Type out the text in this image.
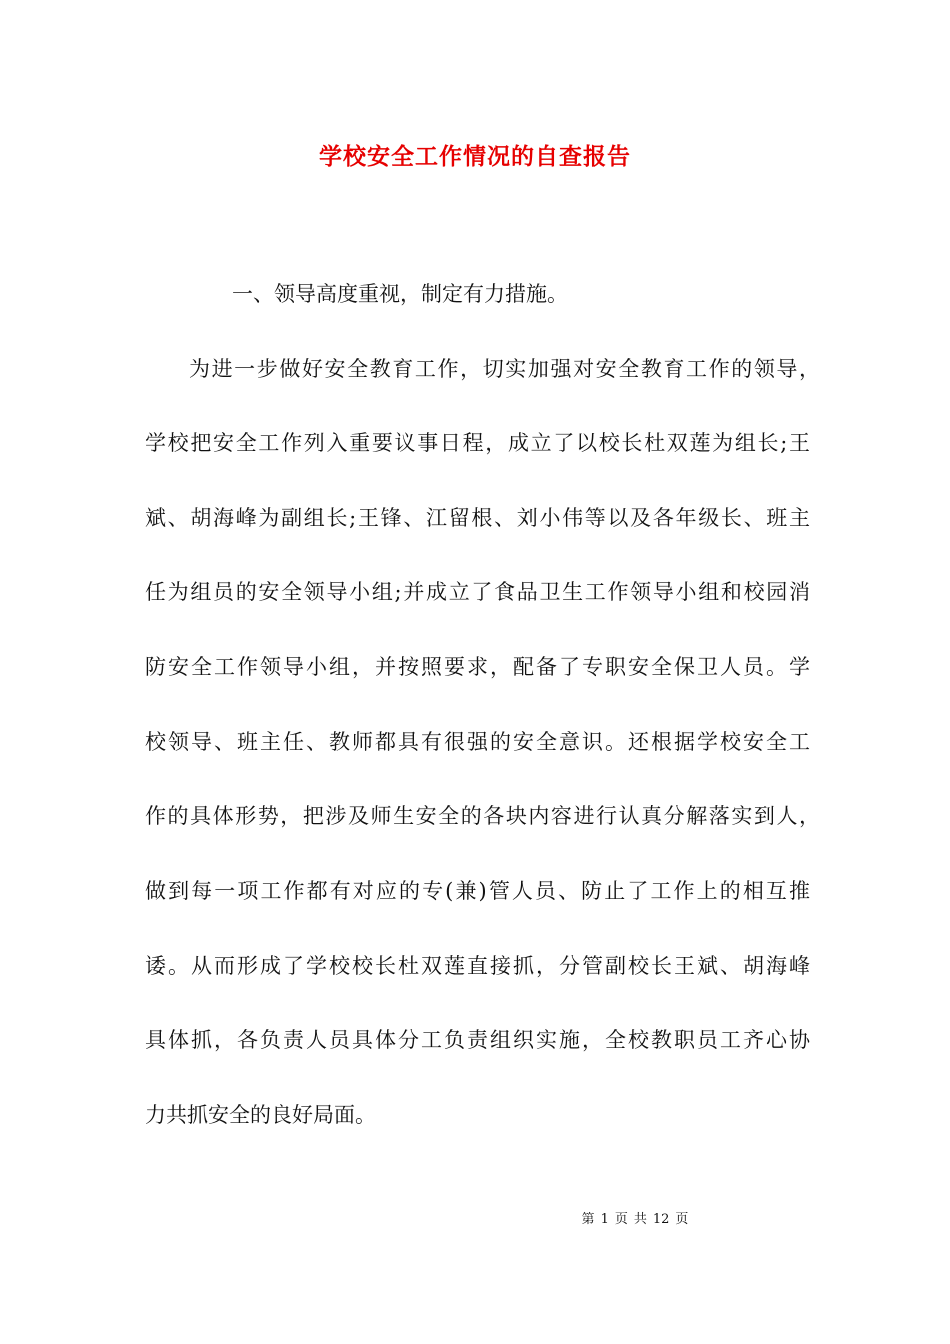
学校安全工作情况的自查报告
一、领导高度重视，制定有力措施。
为进一步做好安全教育工作，切实加强对安全教育工作的领导，
学校把安全工作列入重要议事日程，成立了以校长杜双莲为组长;王
斌、胡海峰为副组长;王锋、江留根、刘小伟等以及各年级长、班主
任为组员的安全领导小组;并成立了食品卫生工作领导小组和校园消
防安全工作领导小组，并按照要求，配备了专职安全保卫人员。学
校领导、班主任、教师都具有很强的安全意识。还根据学校安全工
作的具体形势，把涉及师生安全的各块内容进行认真分解落实到人，
做到每一项工作都有对应的专(兼)管人员、防止了工作上的相互推
诿。从而形成了学校校长杜双莲直接抓，分管副校长王斌、胡海峰
具体抓，各负责人员具体分工负责组织实施，全校教职员工齐心协
力共抓安全的良好局面。
第 1 页 共 12 页
